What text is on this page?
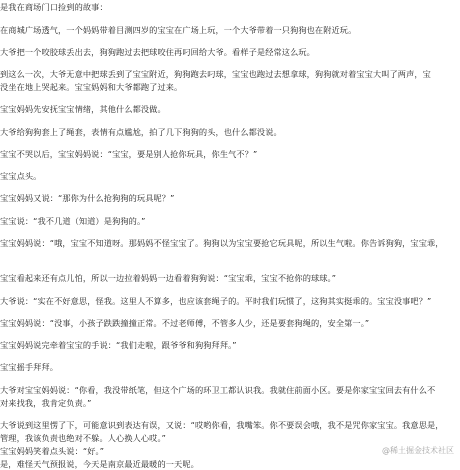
是我在商场门口捡到的故事：

在商城广场透气，一个妈妈带着目测四岁的宝宝在广场上玩，一个大爷带着一只狗狗也在附近玩。

大爷把一个咬胶球丢出去，狗狗跑过去把球咬住再叼回给大爷。看样子是经常这么玩。

到这么一次，大爷无意中把球丢到了宝宝附近，狗狗跑去叼球，宝宝也跑过去想拿球，狗狗就对着宝宝大叫了两声，宝

没坐在地上哭起来。宝宝妈妈和大爷都跑了过来。

宝宝妈妈先安抚宝宝情绪，其他什么都没做。

大爷给狗狗套上了绳套，表情有点尴尬，拍了几下狗狗的头，也什么都没说。

宝宝不哭以后，宝宝妈妈说：“宝宝，要是别人抢你玩具，你生气不？”

宝宝点头。

宝宝妈妈又说：“那你为什么抢狗狗的玩具呢？”

宝宝说：“我不几道（知道）是狗狗的。”

宝宝妈妈说：“哦，宝宝不知道呀。那妈妈不怪宝宝了。狗狗以为宝宝要抢它玩具呢，所以生气啦。你告诉狗狗，宝宝乖，

宝宝看起来还有点儿怕，所以一边拉着妈妈一边看着狗狗说：“宝宝乖，宝宝不抢你的球球。”

大爷说：“实在不好意思，怪我。这里人不算多，也应该套绳子的。平时我们玩惯了，这狗其实挺乖的。宝宝没事吧？”

宝宝妈妈说：“没事，小孩子跌跌撞撞正常。不过老师傅，不管多人少，还是要套狗绳的，安全第一。”

宝宝妈妈说完牵着宝宝的手说：“我们走啦，跟爷爷和狗狗拜拜。”

宝宝摇手拜拜。

大爷对宝宝妈妈说：“你看，我没带纸笔，但这个广场的环卫工都认识我。我就住前面小区。要是你家宝宝回去有什么不

对来找我，我肯定负责。”

大爷说到这里愣了下，可能意识到表达有误，又说：“哎哟你看，我嘴笨。你不要误会哦，我不是咒你家宝宝。我意思是，

管理，我该负责也绝对不躲。人心换人心哎。”

宝宝妈妈笑着点头说：“好。”

是，难怪天气预报说，今天是南京最近最暖的一天呢。

@稀土掘金技术社区
